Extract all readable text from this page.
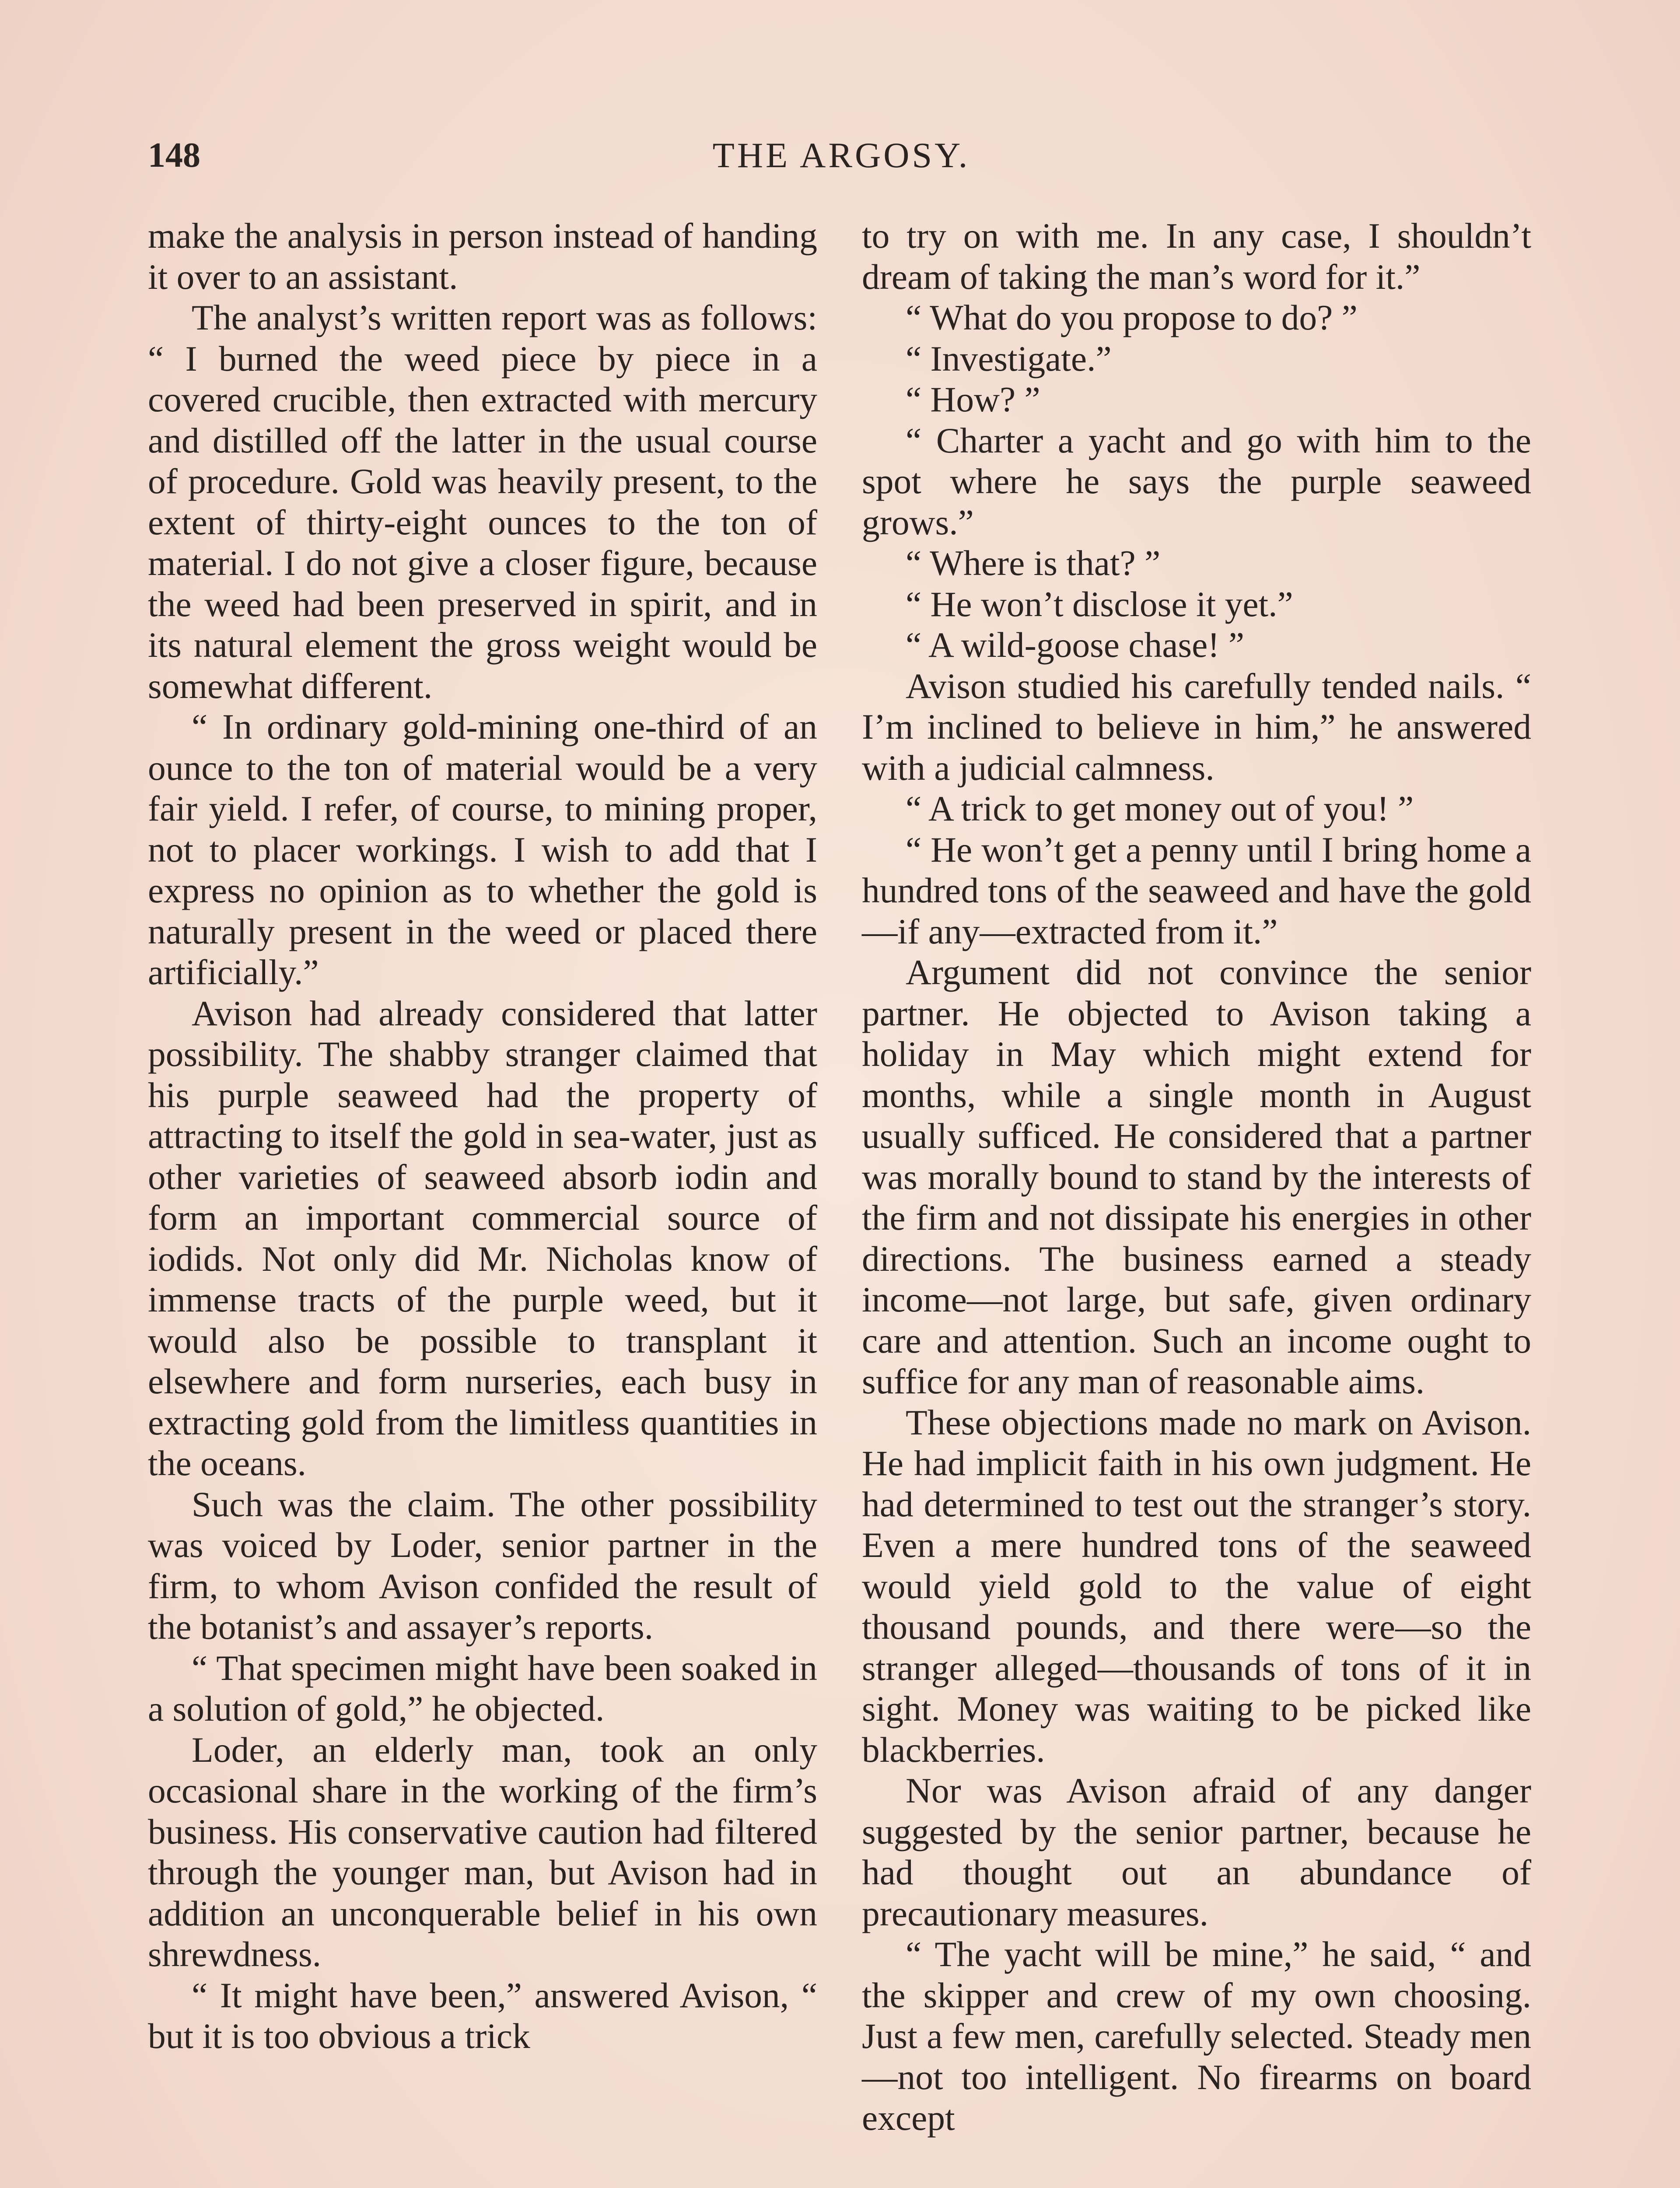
148	THE ARGOSY.

make the analysis in person instead of handing it over to an assistant.

The analyst’s written report was as follows: “ I burned the weed piece by piece in a covered crucible, then extracted with mercury and distilled off the latter in the usual course of procedure. Gold was heavily present, to the extent of thirty-eight ounces to the ton of material. I do not give a closer figure, because the weed had been preserved in spirit, and in its natural element the gross weight would be somewhat different.

“ In ordinary gold-mining one-third of an ounce to the ton of material would be a very fair yield. I refer, of course, to mining proper, not to placer workings. I wish to add that I express no opinion as to whether the gold is naturally present in the weed or placed there artificially.”

Avison had already considered that latter possibility. The shabby stranger claimed that his purple seaweed had the property of attracting to itself the gold in sea-water, just as other varieties of seaweed absorb iodin and form an important commercial source of iodids. Not only did Mr. Nicholas know of immense tracts of the purple weed, but it would also be possible to transplant it elsewhere and form nurseries, each busy in extracting gold from the limitless quantities in the oceans.

Such was the claim. The other possibility was voiced by Loder, senior partner in the firm, to whom Avison confided the result of the botanist’s and assayer’s reports.

“ That specimen might have been soaked in a solution of gold,” he objected.

Loder, an elderly man, took an only occasional share in the working of the firm’s business. His conservative caution had filtered through the younger man, but Avison had in addition an unconquerable belief in his own shrewdness.

“ It might have been,” answered Avison, “ but it is too obvious a trick

to try on with me. In any case, I shouldn’t dream of taking the man’s word for it.”

“ What do you propose to do? ”

“ Investigate.”

“ How? ”

“ Charter a yacht and go with him to the spot where he says the purple seaweed grows.”

“ Where is that? ”

“ He won’t disclose it yet.”

“ A wild-goose chase! ”

Avison studied his carefully tended nails. “ I’m inclined to believe in him,” he answered with a judicial calmness.

“ A trick to get money out of you! ”

“ He won’t get a penny until I bring home a hundred tons of the seaweed and have the gold—if any—extracted from it.”

Argument did not convince the senior partner. He objected to Avison taking a holiday in May which might extend for months, while a single month in August usually sufficed. He considered that a partner was morally bound to stand by the interests of the firm and not dissipate his energies in other directions. The business earned a steady income—not large, but safe, given ordinary care and attention. Such an income ought to suffice for any man of reasonable aims.

These objections made no mark on Avison. He had implicit faith in his own judgment. He had determined to test out the stranger’s story. Even a mere hundred tons of the seaweed would yield gold to the value of eight thousand pounds, and there were—so the stranger alleged—thousands of tons of it in sight. Money was waiting to be picked like blackberries.

Nor was Avison afraid of any danger suggested by the senior partner, because he had thought out an abundance of precautionary measures.

“ The yacht will be mine,” he said, “ and the skipper and crew of my own choosing. Just a few men, carefully selected. Steady men—not too intelligent. No firearms on board except
